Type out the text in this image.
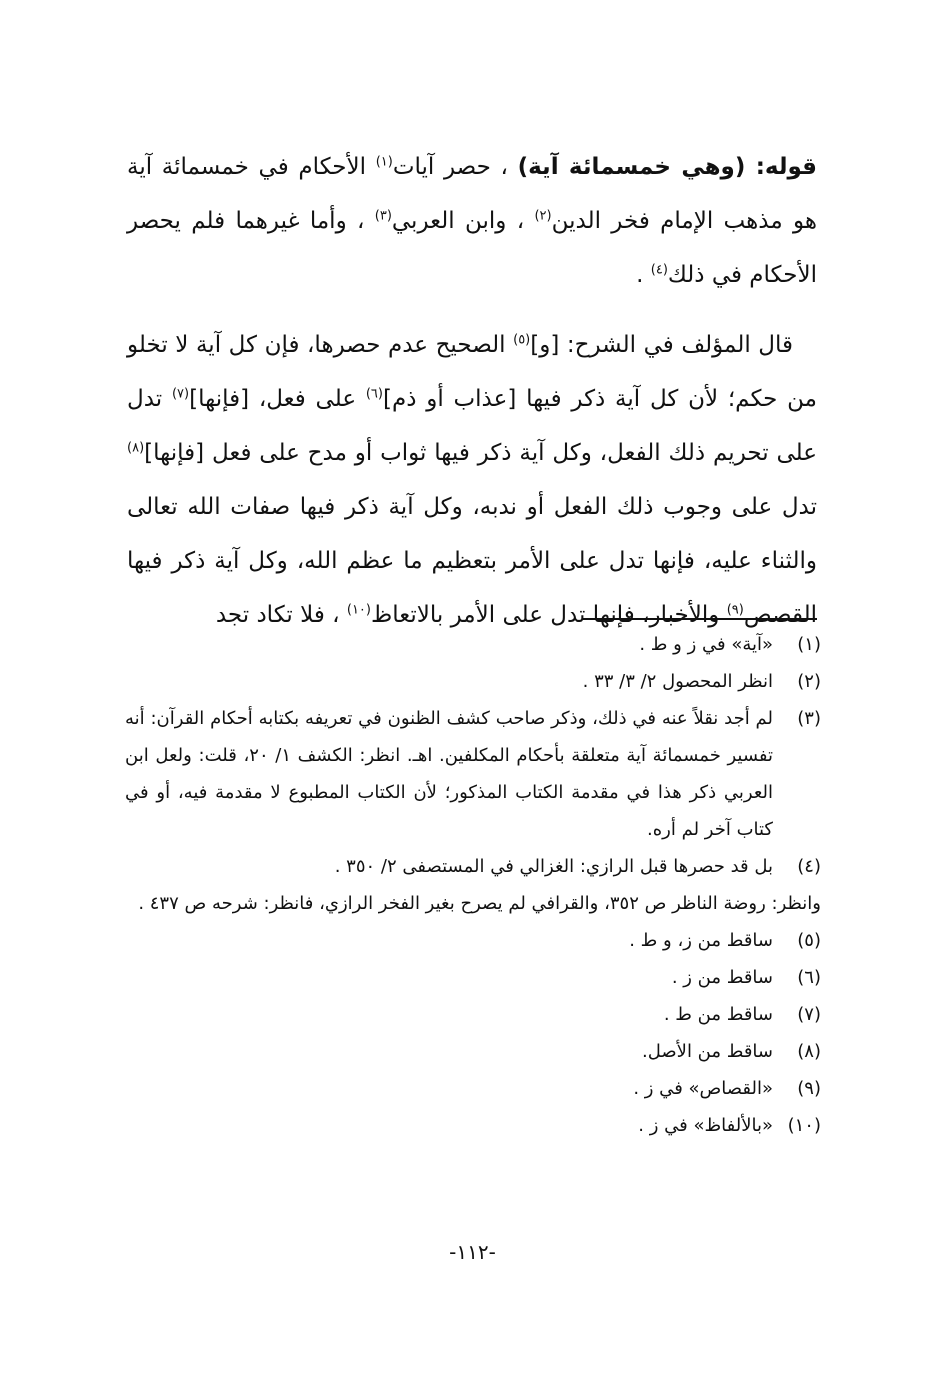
قوله: (وهي خمسمائة آية) ، حصر آيات$^{(١)}$ الأحكام في خمسمائة آية هو مذهب الإمام فخر الدين$^{(٢)}$ ، وابن العربي$^{(٣)}$ ، وأما غيرهما فلم يحصر الأحكام في ذلك$^{(٤)}$ .

قال المؤلف في الشرح: [و]$^{(٥)}$ الصحيح عدم حصرها، فإن كل آية لا تخلو من حكم؛ لأن كل آية ذكر فيها [عذاب أو ذم]$^{(٦)}$ على فعل، [فإنها]$^{(٧)}$ تدل على تحريم ذلك الفعل، وكل آية ذكر فيها ثواب أو مدح على فعل [فإنها]$^{(٨)}$ تدل على وجوب ذلك الفعل أو ندبه، وكل آية ذكر فيها صفات الله تعالى والثناء عليه، فإنها تدل على الأمر بتعظيم ما عظم الله، وكل آية ذكر فيها القصص$^{(٩)}$ والأخبار، فإنها تدل على الأمر بالاتعاظ$^{(١٠)}$ ، فلا تكاد تجد

(١)
«آية» في ز و ط .
(٢)
انظر المحصول ٢/ ٣/ ٣٣ .
(٣)
لم أجد نقلاً عنه في ذلك، وذكر صاحب كشف الظنون في تعريفه بكتابه أحكام القرآن: أنه تفسير خمسمائة آية متعلقة بأحكام المكلفين. اهـ. انظر: الكشف ١/ ٢٠، قلت: ولعل ابن العربي ذكر هذا في مقدمة الكتاب المذكور؛ لأن الكتاب المطبوع لا مقدمة فيه، أو في كتاب آخر لم أره.
(٤)
بل قد حصرها قبل الرازي: الغزالي في المستصفى ٢/ ٣٥٠ .
وانظر: روضة الناظر ص ٣٥٢، والقرافي لم يصرح بغير الفخر الرازي، فانظر: شرحه ص ٤٣٧ .
(٥)
ساقط من ز، و ط .
(٦)
ساقط من ز .
(٧)
ساقط من ط .
(٨)
ساقط من الأصل.
(٩)
«القصاص» في ز .
(١٠)
«بالألفاظ» في ز .
-١١٢-
